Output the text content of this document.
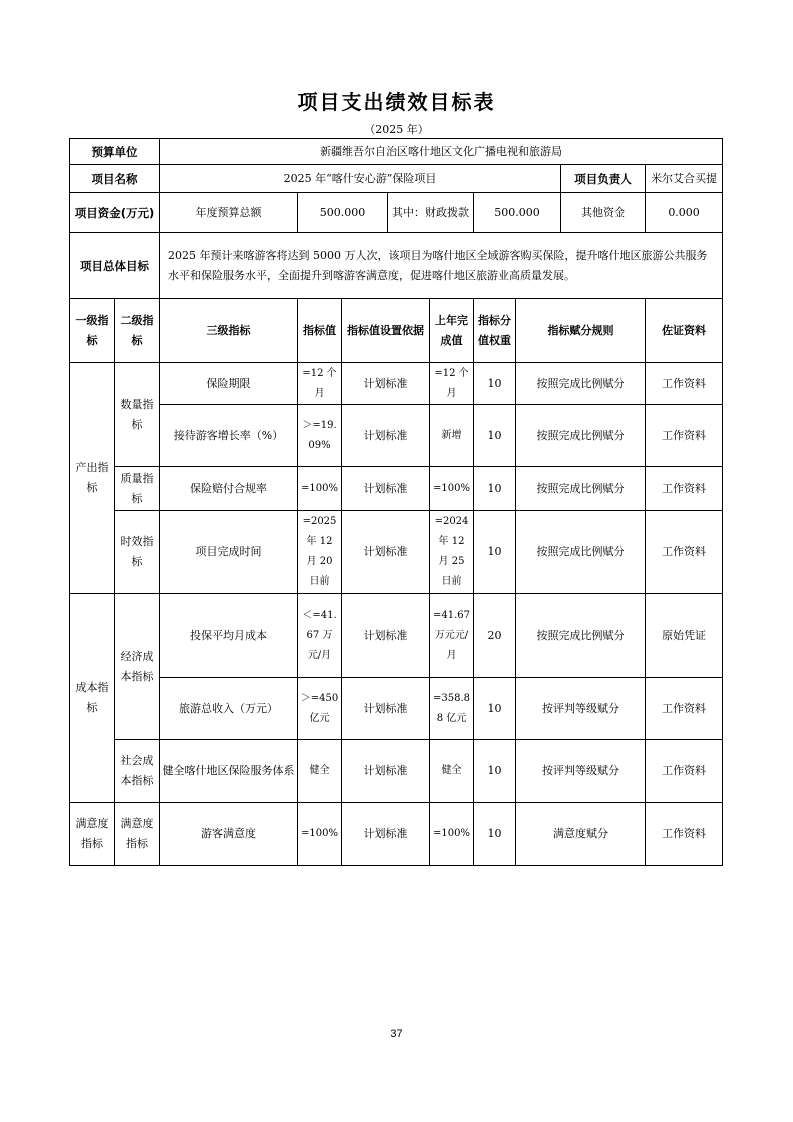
项目支出绩效目标表
（2025 年）
预算单位		新疆维吾尔自治区喀什地区文化广播电视和旅游局								
项目名称		2025 年“喀什安心游”保险项目							项目负责人	米尔艾合买提
项目资金(万元)		年度预算总额	500.000		其中：财政拨款		500.000		其他资金	0.000
项目总体目标		2025 年预计来喀游客将达到 5000 万人次，该项目为喀什地区全域游客购买保险，提升喀什地区旅游公共服务水平和保险服务水平，全面提升到喀游客满意度，促进喀什地区旅游业高质量发展。								
一级指标	二级指标	三级指标	指标值	指标值设置依据		上年完成值	指标分值权重	指标赋分规则		佐证资料
产出指标	数量指标	保险期限	=12 个月	计划标准		=12 个月	10	按照完成比例赋分		工作资料
		接待游客增长率（%）	＞=19.09%	计划标准		新增	10	按照完成比例赋分		工作资料
	质量指标	保险赔付合规率	=100%	计划标准		=100%	10	按照完成比例赋分		工作资料
	时效指标	项目完成时间	=2025 年 12 月 20 日前	计划标准		=2024 年 12 月 25 日前	10	按照完成比例赋分		工作资料

成本指标	经济成本指标	投保平均月成本	＜=41.67 万元/月	计划标准		=41.67 万元元/月	20	按照完成比例赋分		原始凭证
		旅游总收入（万元）	＞=450 亿元	计划标准		=358.88 亿元	10	按评判等级赋分		工作资料
	社会成本指标	健全喀什地区保险服务体系	健全	计划标准		健全	10	按评判等级赋分		工作资料
满意度指标	满意度指标	游客满意度	=100%	计划标准		=100%	10	满意度赋分		工作资料
37
